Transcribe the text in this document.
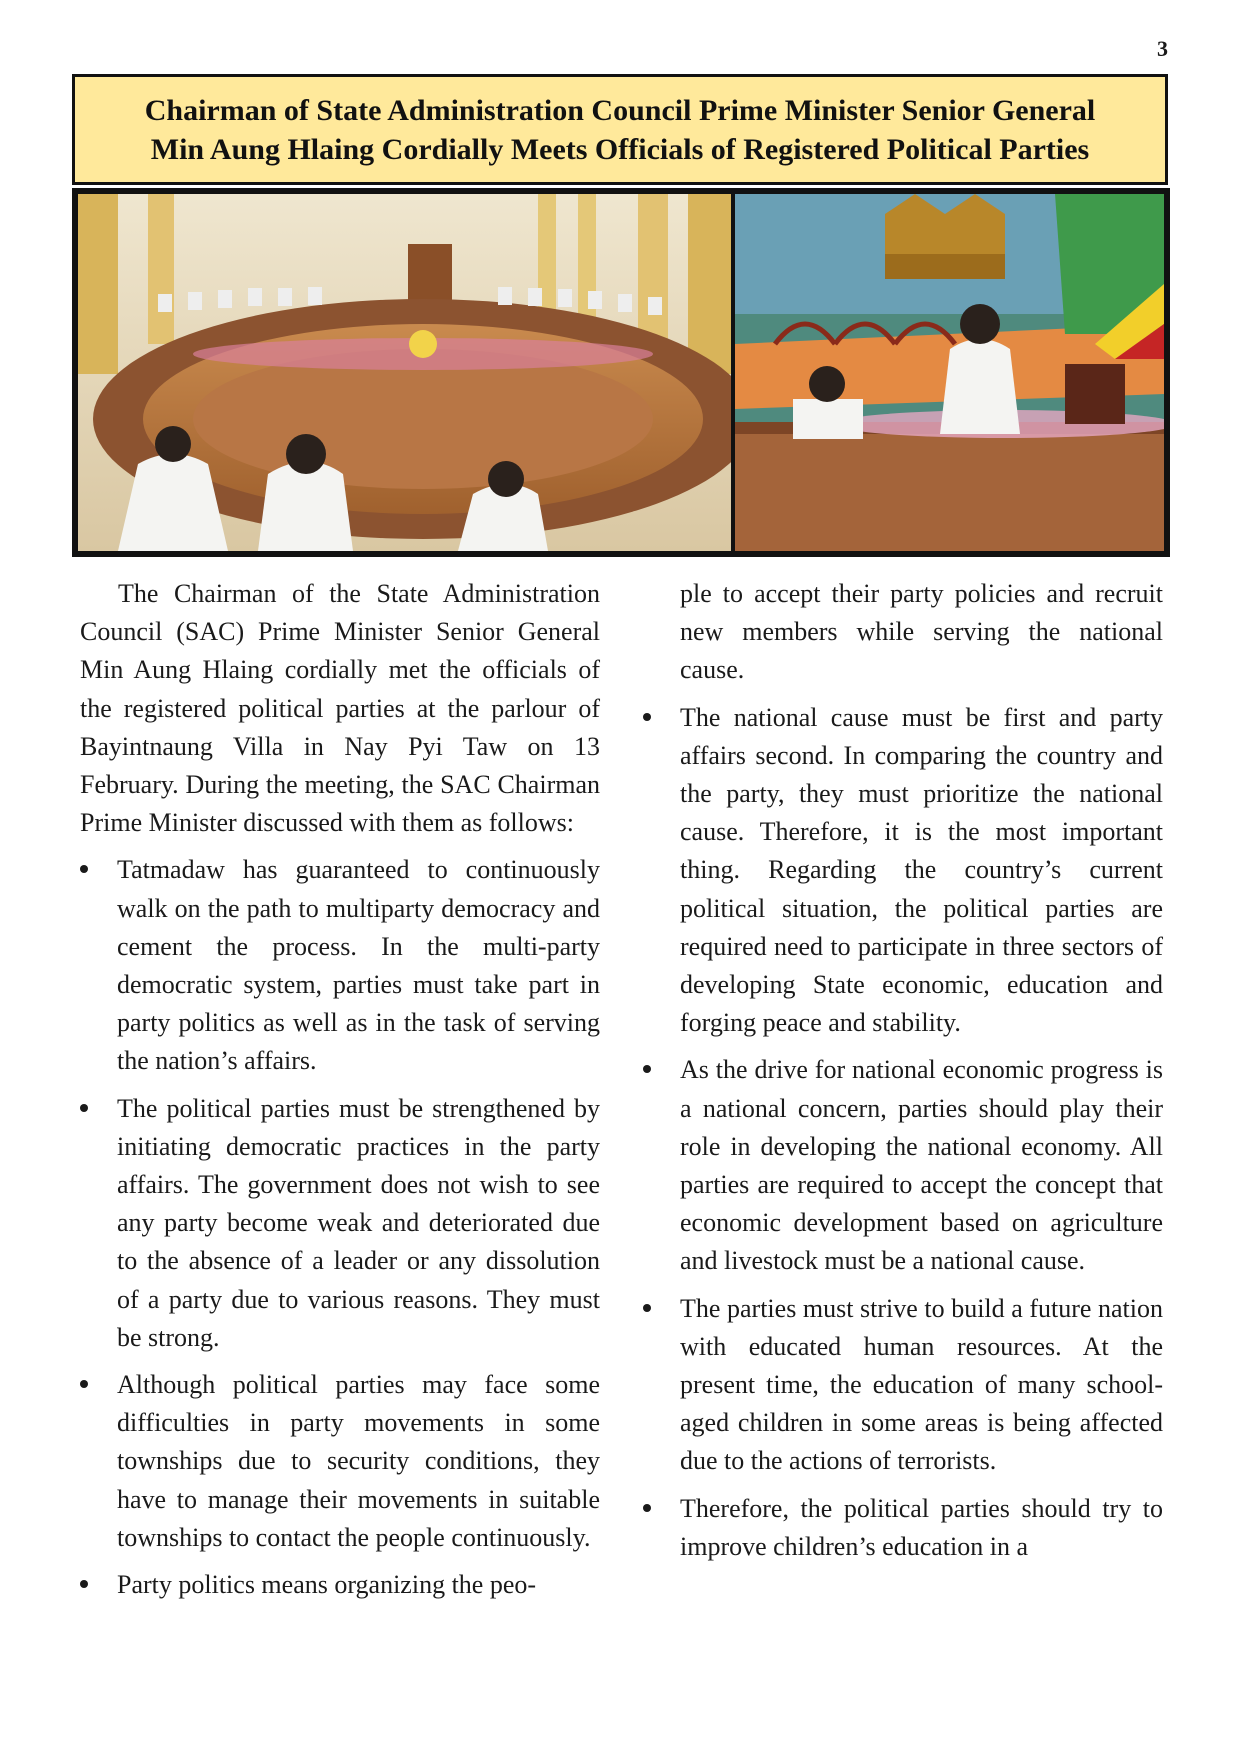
3
Chairman of State Administration Council Prime Minister Senior General
Min Aung Hlaing Cordially Meets Officials of Registered Political Parties

The Chairman of the State Administration Council (SAC) Prime Minister Senior General Min Aung Hlaing cordially met the officials of the registered political parties at the parlour of Bayintnaung Villa in Nay Pyi Taw on 13 February. During the meeting, the SAC Chairman Prime Minister discussed with them as follows:

Tatmadaw has guaranteed to continuously walk on the path to multiparty democracy and cement the process. In the multi-party democratic system, parties must take part in party politics as well as in the task of serving the nation’s affairs.
The political parties must be strengthened by initiating democratic practices in the party affairs. The government does not wish to see any party become weak and deteriorated due to the absence of a leader or any dissolution of a party due to various reasons. They must be strong.
Although political parties may face some difficulties in party movements in some townships due to security conditions, they have to manage their movements in suitable townships to contact the people continuously.
Party politics means organizing the peo-
ple to accept their party policies and recruit new members while serving the national cause.
The national cause must be first and party affairs second. In comparing the country and the party, they must prioritize the national cause. Therefore, it is the most important thing. Regarding the country’s current political situation, the political parties are required need to participate in three sectors of developing State economic, education and forging peace and stability.
As the drive for national economic progress is a national concern, parties should play their role in developing the national economy. All parties are required to accept the concept that economic development based on agriculture and livestock must be a national cause.
The parties must strive to build a future nation with educated human resources. At the present time, the education of many school-aged children in some areas is being affected due to the actions of terrorists.
Therefore, the political parties should try to improve children’s education in a
